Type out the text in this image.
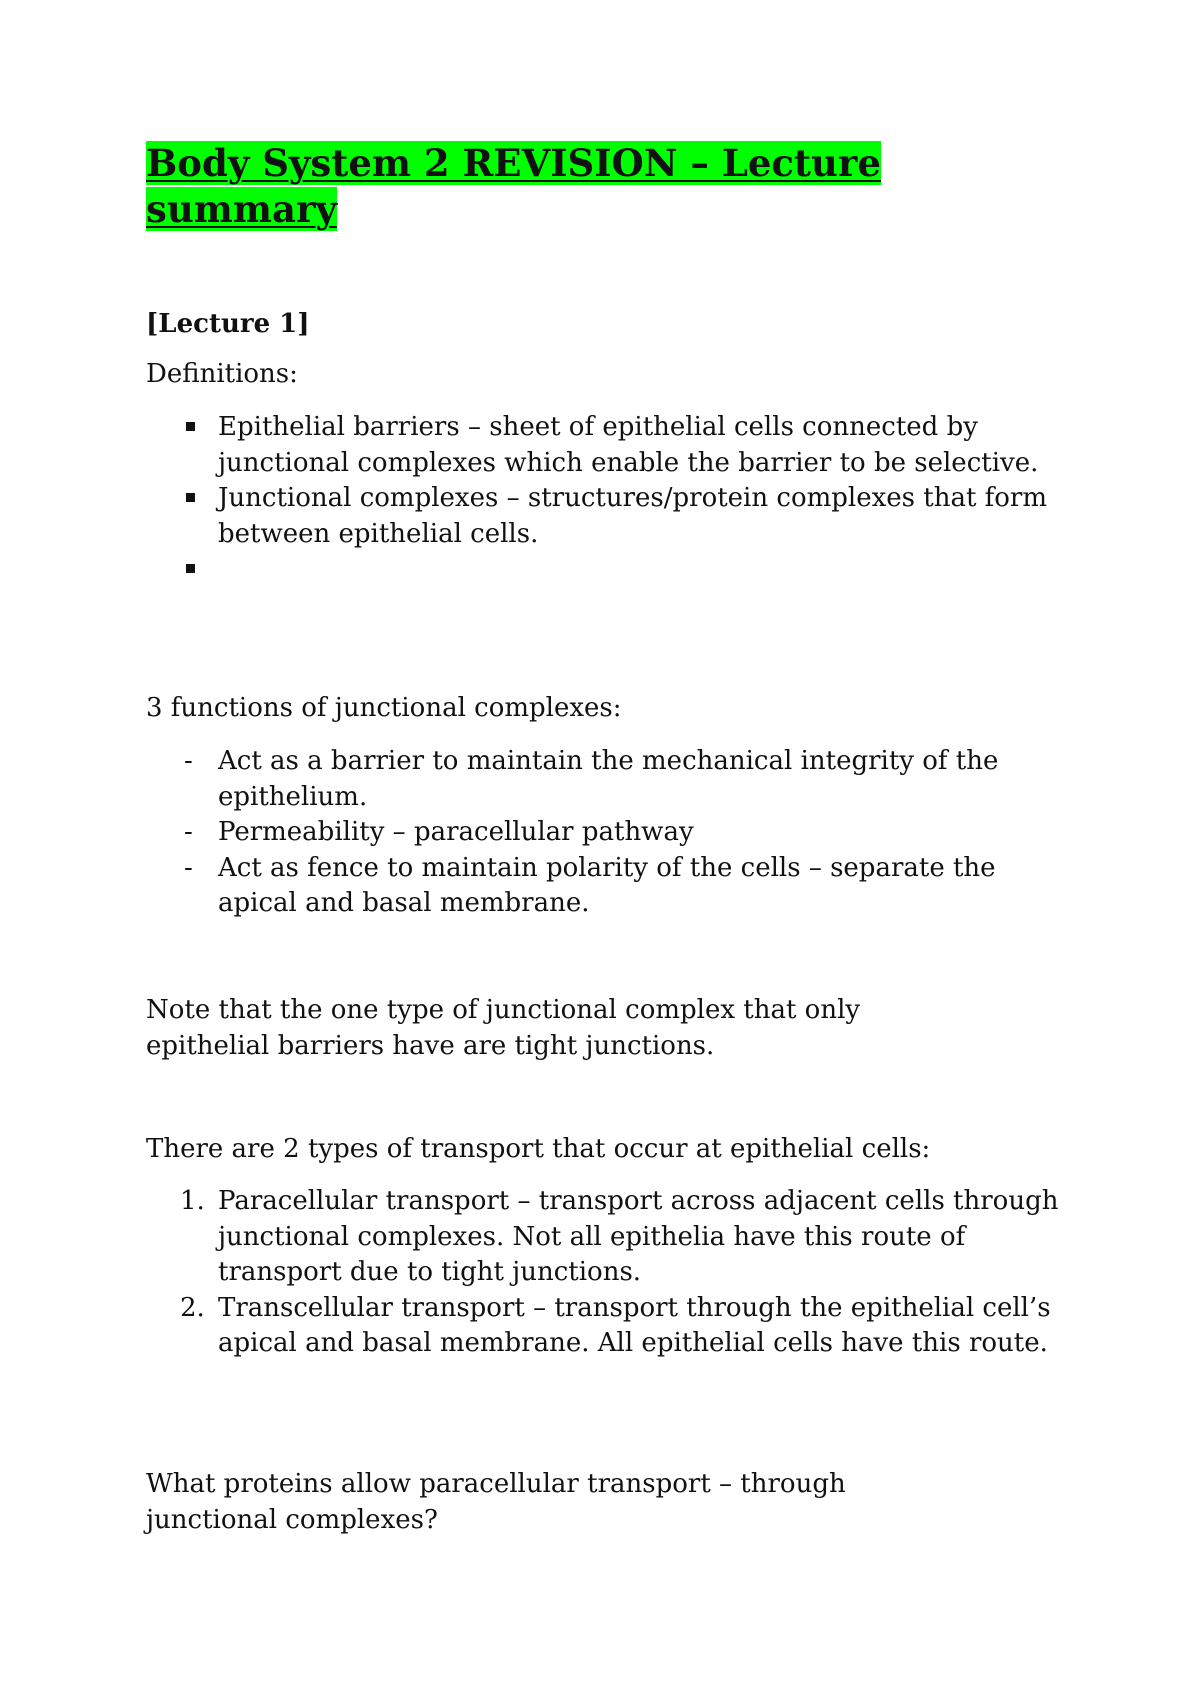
Body System 2 REVISION – Lecture summary

[Lecture 1]

Definitions:

Epithelial barriers – sheet of epithelial cells connected by junctional complexes which enable the barrier to be selective.
Junctional complexes – structures/protein complexes that form between epithelial cells.

3 functions of junctional complexes:

- Act as a barrier to maintain the mechanical integrity of the epithelium.
- Permeability – paracellular pathway
- Act as fence to maintain polarity of the cells – separate the apical and basal membrane.

Note that the one type of junctional complex that only epithelial barriers have are tight junctions.

There are 2 types of transport that occur at epithelial cells:

1. Paracellular transport – transport across adjacent cells through junctional complexes. Not all epithelia have this route of transport due to tight junctions.
2. Transcellular transport – transport through the epithelial cell’s apical and basal membrane. All epithelial cells have this route.

What proteins allow paracellular transport – through junctional complexes?
